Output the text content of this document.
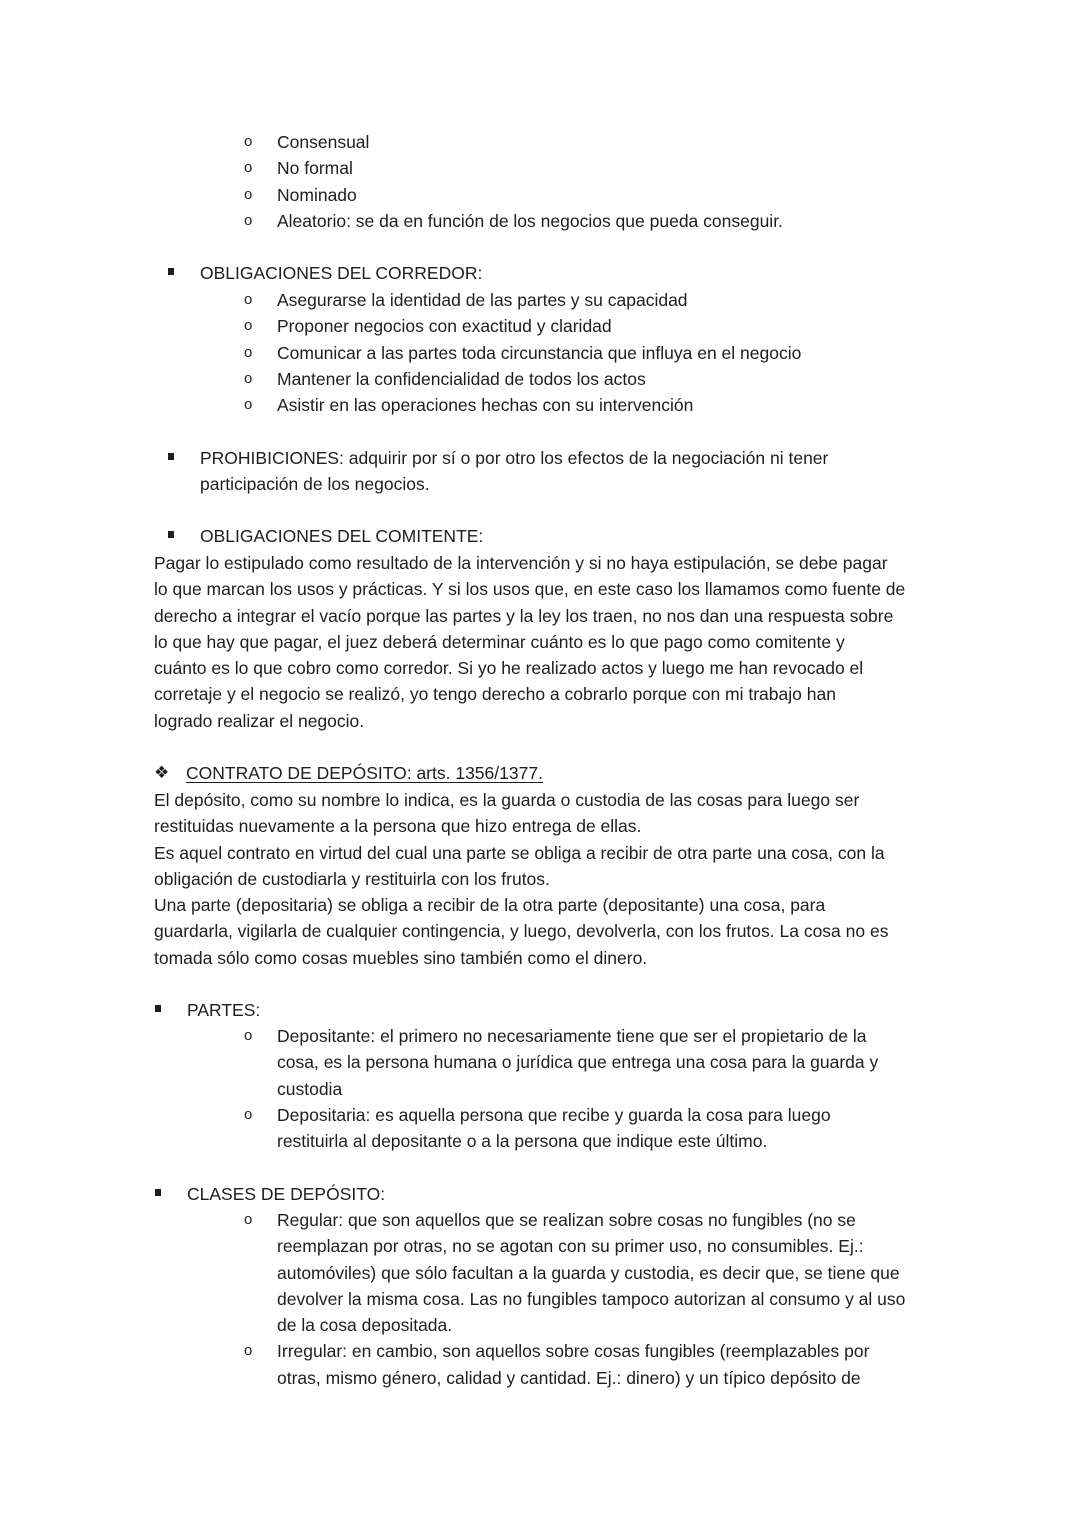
o
Consensual
o
No formal
o
Nominado
o
Aleatorio: se da en función de los negocios que pueda conseguir.
OBLIGACIONES DEL CORREDOR:
o
Asegurarse la identidad de las partes y su capacidad
o
Proponer negocios con exactitud y claridad
o
Comunicar a las partes toda circunstancia que influya en el negocio
o
Mantener la confidencialidad de todos los actos
o
Asistir en las operaciones hechas con su intervención

PROHIBICIONES: adquirir por sí o por otro los efectos de la negociación ni tener

participación de los negocios.

OBLIGACIONES DEL COMITENTE:

Pagar lo estipulado como resultado de la intervención y si no haya estipulación, se debe pagar

lo que marcan los usos y prácticas. Y si los usos que, en este caso los llamamos como fuente de

derecho a integrar el vacío porque las partes y la ley los traen, no nos dan una respuesta sobre

lo que hay que pagar, el juez deberá determinar cuánto es lo que pago como comitente y

cuánto es lo que cobro como corredor. Si yo he realizado actos y luego me han revocado el

corretaje y el negocio se realizó, yo tengo derecho a cobrarlo porque con mi trabajo han

logrado realizar el negocio.

❖ CONTRATO DE DEPÓSITO: arts. 1356/1377.

El depósito, como su nombre lo indica, es la guarda o custodia de las cosas para luego ser

restituidas nuevamente a la persona que hizo entrega de ellas.

Es aquel contrato en virtud del cual una parte se obliga a recibir de otra parte una cosa, con la

obligación de custodiarla y restituirla con los frutos.

Una parte (depositaria) se obliga a recibir de la otra parte (depositante) una cosa, para

guardarla, vigilarla de cualquier contingencia, y luego, devolverla, con los frutos. La cosa no es

tomada sólo como cosas muebles sino también como el dinero.

PARTES:
o

Depositante: el primero no necesariamente tiene que ser el propietario de la

cosa, es la persona humana o jurídica que entrega una cosa para la guarda y

custodia

o

Depositaria: es aquella persona que recibe y guarda la cosa para luego

restituirla al depositante o a la persona que indique este último.

CLASES DE DEPÓSITO:
o

Regular: que son aquellos que se realizan sobre cosas no fungibles (no se

reemplazan por otras, no se agotan con su primer uso, no consumibles. Ej.:

automóviles) que sólo facultan a la guarda y custodia, es decir que, se tiene que

devolver la misma cosa. Las no fungibles tampoco autorizan al consumo y al uso

de la cosa depositada.

o

Irregular: en cambio, son aquellos sobre cosas fungibles (reemplazables por

otras, mismo género, calidad y cantidad. Ej.: dinero) y un típico depósito de
